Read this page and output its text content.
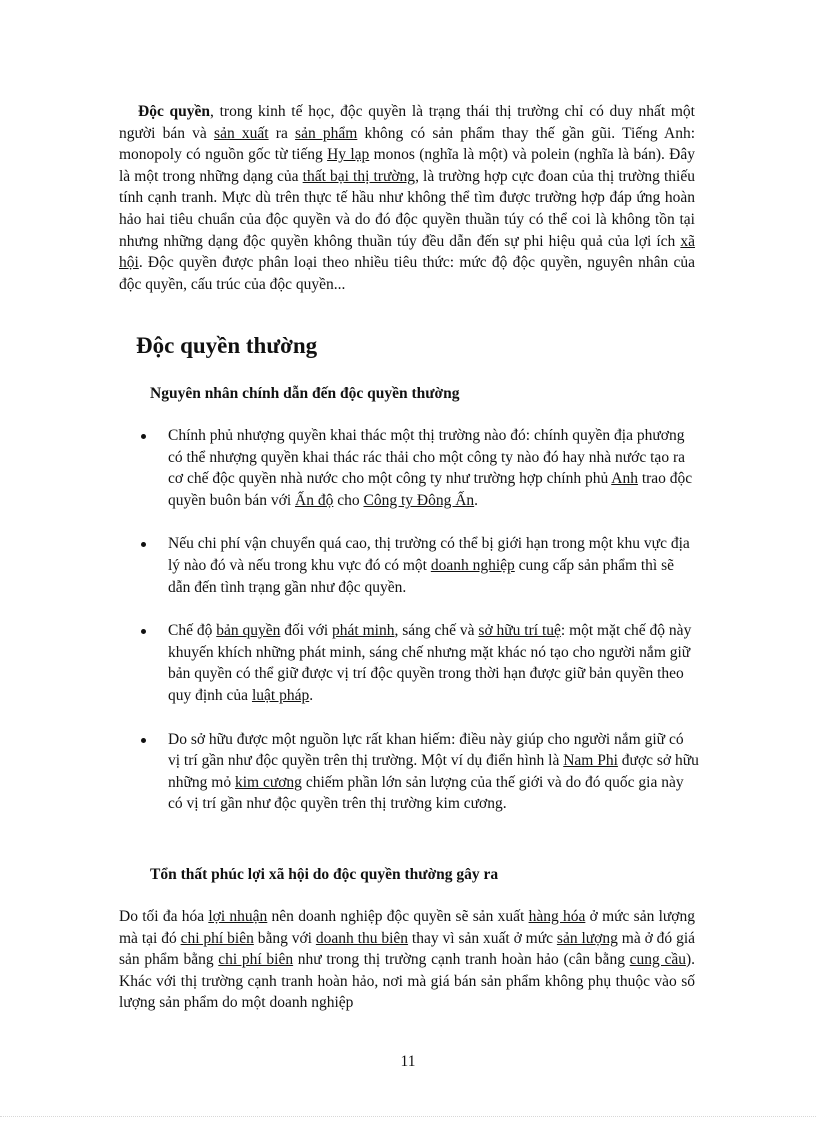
Độc quyền, trong kinh tế học, độc quyền là trạng thái thị trường chỉ có duy nhất một người bán và sản xuất ra sản phẩm không có sản phẩm thay thế gần gũi. Tiếng Anh: monopoly có nguồn gốc từ tiếng Hy lạp monos (nghĩa là một) và polein (nghĩa là bán). Đây là một trong những dạng của thất bại thị trường, là trường hợp cực đoan của thị trường thiếu tính cạnh tranh. Mực dù trên thực tế hầu như không thể tìm được trường hợp đáp ứng hoàn hảo hai tiêu chuẩn của độc quyền và do đó độc quyền thuần túy có thể coi là không tồn tại nhưng những dạng độc quyền không thuần túy đều dẫn đến sự phi hiệu quả của lợi ích xã hội. Độc quyền được phân loại theo nhiều tiêu thức: mức độ độc quyền, nguyên nhân của độc quyền, cấu trúc của độc quyền...

Độc quyền thường
Nguyên nhân chính dẫn đến độc quyền thường
Chính phủ nhượng quyền khai thác một thị trường nào đó: chính quyền địa phương có thể nhượng quyền khai thác rác thải cho một công ty nào đó hay nhà nước tạo ra cơ chế độc quyền nhà nước cho một công ty như trường hợp chính phủ Anh trao độc quyền buôn bán với Ấn độ cho Công ty Đông Ấn.
Nếu chi phí vận chuyển quá cao, thị trường có thể bị giới hạn trong một khu vực địa lý nào đó và nếu trong khu vực đó có một doanh nghiệp cung cấp sản phẩm thì sẽ dẫn đến tình trạng gần như độc quyền.
Chế độ bản quyền đối với phát minh, sáng chế và sở hữu trí tuệ: một mặt chế độ này khuyến khích những phát minh, sáng chế nhưng mặt khác nó tạo cho người nắm giữ bản quyền có thể giữ được vị trí độc quyền trong thời hạn được giữ bản quyền theo quy định của luật pháp.
Do sở hữu được một nguồn lực rất khan hiếm: điều này giúp cho người nắm giữ có vị trí gần như độc quyền trên thị trường. Một ví dụ điển hình là Nam Phi được sở hữu những mỏ kim cương chiếm phần lớn sản lượng của thế giới và do đó quốc gia này có vị trí gần như độc quyền trên thị trường kim cương.
Tổn thất phúc lợi xã hội do độc quyền thường gây ra

Do tối đa hóa lợi nhuận nên doanh nghiệp độc quyền sẽ sản xuất hàng hóa ở mức sản lượng mà tại đó chi phí biên bằng với doanh thu biên thay vì sản xuất ở mức sản lượng mà ở đó giá sản phẩm bằng chi phí biên như trong thị trường cạnh tranh hoàn hảo (cân bằng cung cầu). Khác với thị trường cạnh tranh hoàn hảo, nơi mà giá bán sản phẩm không phụ thuộc vào số lượng sản phẩm do một doanh nghiệp

11
